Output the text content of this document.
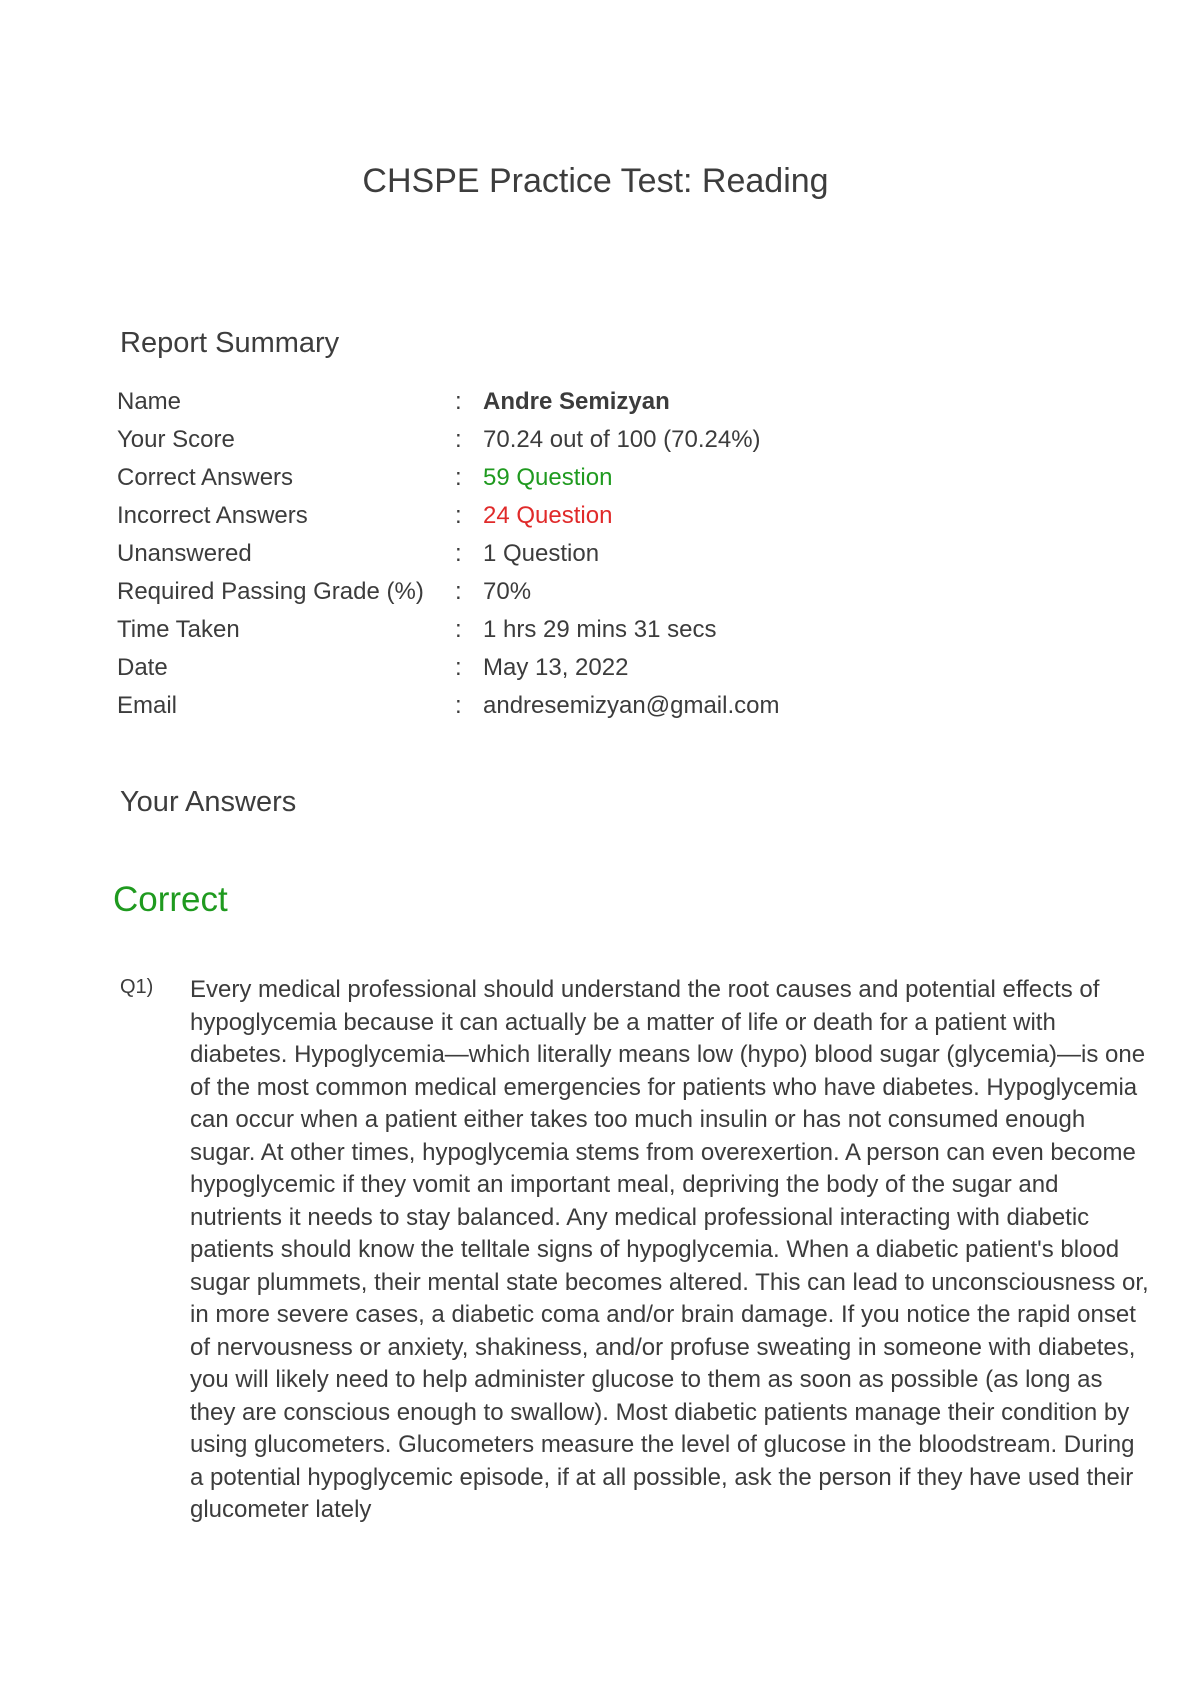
CHSPE Practice Test: Reading
Report Summary
Name	: Andre Semizyan
Your Score	: 70.24 out of 100 (70.24%)
Correct Answers	: 59 Question
Incorrect Answers	: 24 Question
Unanswered	: 1 Question
Required Passing Grade (%)	: 70%
Time Taken	: 1 hrs 29 mins 31 secs
Date	: May 13, 2022
Email	: andresemizyan@gmail.com
Your Answers
Correct
Q1) Every medical professional should understand the root causes and potential effects of hypoglycemia because it can actually be a matter of life or death for a patient with diabetes. Hypoglycemia—which literally means low (hypo) blood sugar (glycemia)—is one of the most common medical emergencies for patients who have diabetes. Hypoglycemia can occur when a patient either takes too much insulin or has not consumed enough sugar. At other times, hypoglycemia stems from overexertion. A person can even become hypoglycemic if they vomit an important meal, depriving the body of the sugar and nutrients it needs to stay balanced. Any medical professional interacting with diabetic patients should know the telltale signs of hypoglycemia. When a diabetic patient's blood sugar plummets, their mental state becomes altered. This can lead to unconsciousness or, in more severe cases, a diabetic coma and/or brain damage. If you notice the rapid onset of nervousness or anxiety, shakiness, and/or profuse sweating in someone with diabetes, you will likely need to help administer glucose to them as soon as possible (as long as they are conscious enough to swallow). Most diabetic patients manage their condition by using glucometers. Glucometers measure the level of glucose in the bloodstream. During a potential hypoglycemic episode, if at all possible, ask the person if they have used their glucometer lately
